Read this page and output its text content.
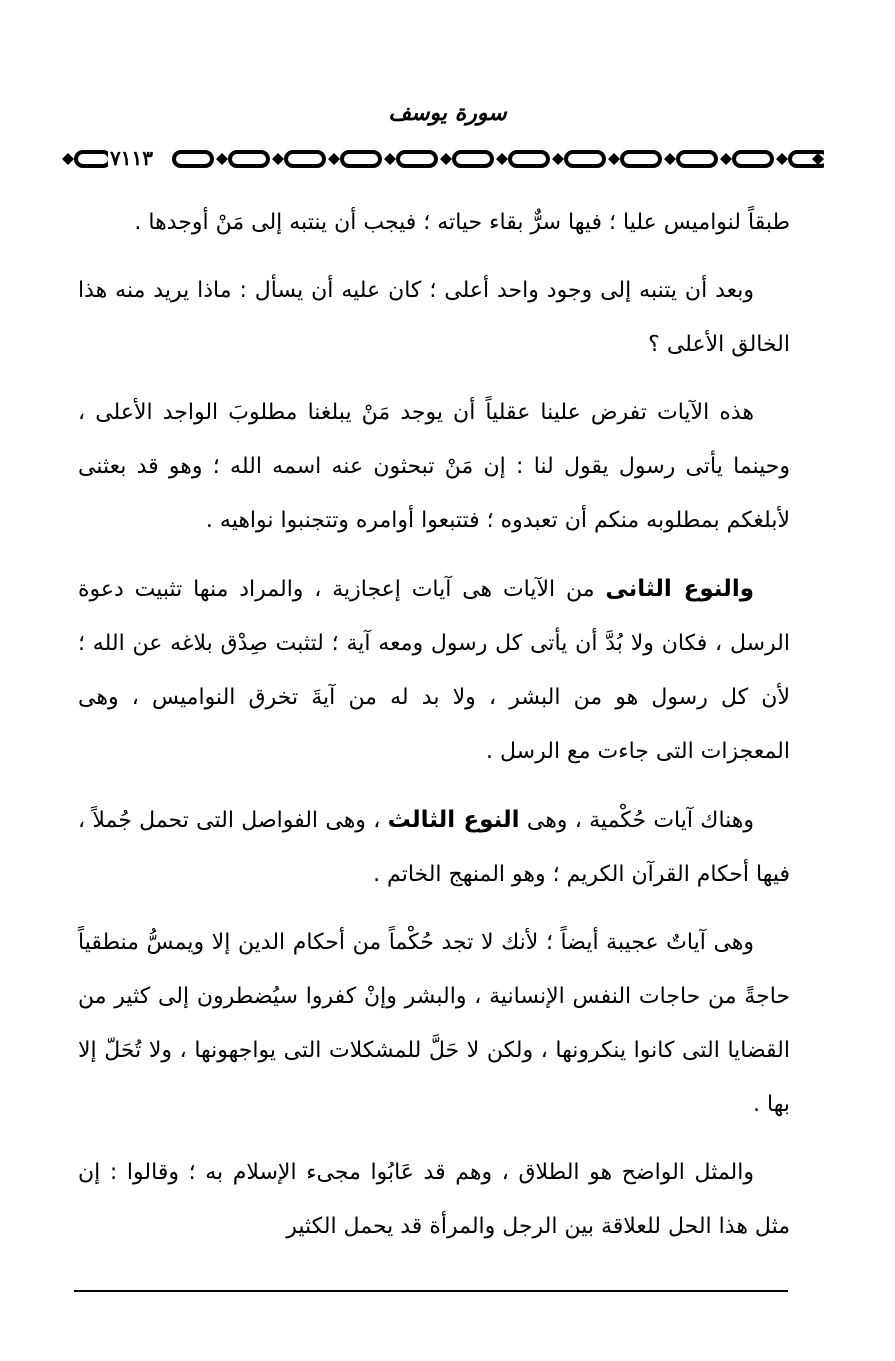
سورة يوسف
٧١١٣

طبقاً لنواميس عليا ؛ فيها سرٌّ بقاء حياته ؛ فيجب أن ينتبه إلى مَنْ أوجدها .

وبعد أن يتنبه إلى وجود واحد أعلى ؛ كان عليه أن يسأل : ماذا يريد منه هذا الخالق الأعلى ؟

هذه الآيات تفرض علينا عقلياً أن يوجد مَنْ يبلغنا مطلوبَ الواجد الأعلى ، وحينما يأتى رسول يقول لنا : إن مَنْ تبحثون عنه اسمه الله ؛ وهو قد بعثنى لأبلغكم بمطلوبه منكم أن تعبدوه ؛ فتتبعوا أوامره وتتجنبوا نواهيه .

والنوع الثانى من الآيات هى آيات إعجازية ، والمراد منها تثبيت دعوة الرسل ، فكان ولا بُدَّ أن يأتى كل رسول ومعه آية ؛ لتثبت صِدْق بلاغه عن الله ؛ لأن كل رسول هو من البشر ، ولا بد له من آيةَ تخرق النواميس ، وهى المعجزات التى جاءت مع الرسل .

وهناك آيات حُكْمية ، وهى النوع الثالث ، وهى الفواصل التى تحمل جُملاً ، فيها أحكام القرآن الكريم ؛ وهو المنهج الخاتم .

وهى آياتٌ عجيبة أيضاً ؛ لأنك لا تجد حُكْماً من أحكام الدين إلا ويمسُّ منطقياً حاجةً من حاجات النفس الإنسانية ، والبشر وإنْ كفروا سيُضطرون إلى كثير من القضايا التى كانوا ينكرونها ، ولكن لا حَلَّ للمشكلات التى يواجهونها ، ولا تُحَلّ إلا بها .

والمثل الواضح هو الطلاق ، وهم قد عَابُوا مجىء الإسلام به ؛ وقالوا : إن مثل هذا الحل للعلاقة بين الرجل والمرأة قد يحمل الكثير
